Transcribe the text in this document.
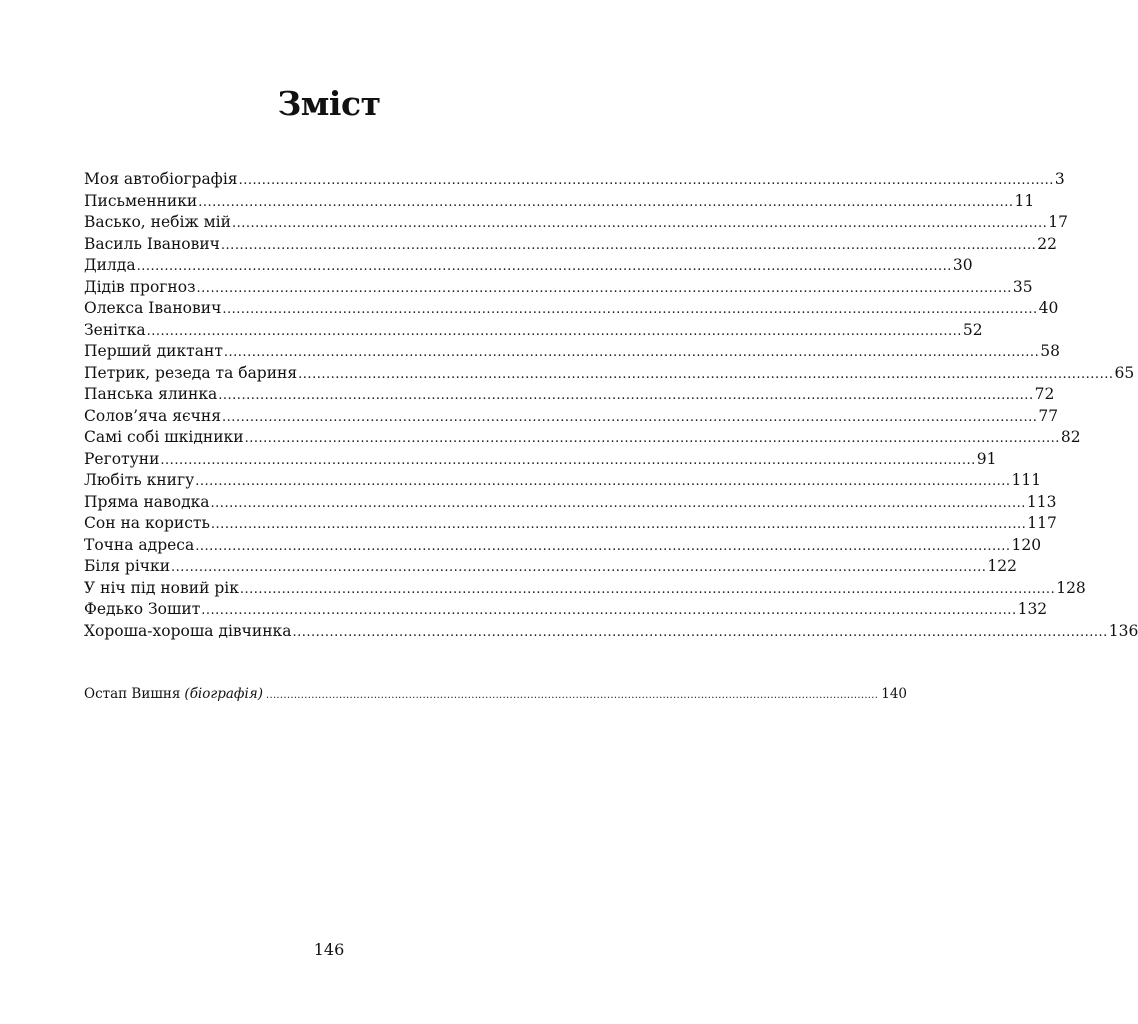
Зміст
Моя автобіографія ................................................................................................................................................................................ 3
Письменники ................................................................................................................................................................................ 11
Васько, небіж мій ................................................................................................................................................................................ 17
Василь Іванович ................................................................................................................................................................................ 22
Дилда ................................................................................................................................................................................ 30
Дідів прогноз ................................................................................................................................................................................ 35
Олекса Іванович ................................................................................................................................................................................ 40
Зенітка ................................................................................................................................................................................ 52
Перший диктант ................................................................................................................................................................................ 58
Петрик, резеда та бариня ................................................................................................................................................................................ 65
Панська ялинка ................................................................................................................................................................................ 72
Солов’яча яєчня ................................................................................................................................................................................ 77
Самі собі шкідники ................................................................................................................................................................................ 82
Реготуни ................................................................................................................................................................................ 91
Любіть книгу ................................................................................................................................................................................ 111
Пряма наводка ................................................................................................................................................................................ 113
Сон на користь ................................................................................................................................................................................ 117
Точна адреса ................................................................................................................................................................................ 120
Біля річки ................................................................................................................................................................................ 122
У ніч під новий рік ................................................................................................................................................................................ 128
Федько Зошит ................................................................................................................................................................................ 132
Хороша-хороша дівчинка ................................................................................................................................................................................ 136
Остап Вишня (біографія) ................................................................................................................................................................................ 140
146
